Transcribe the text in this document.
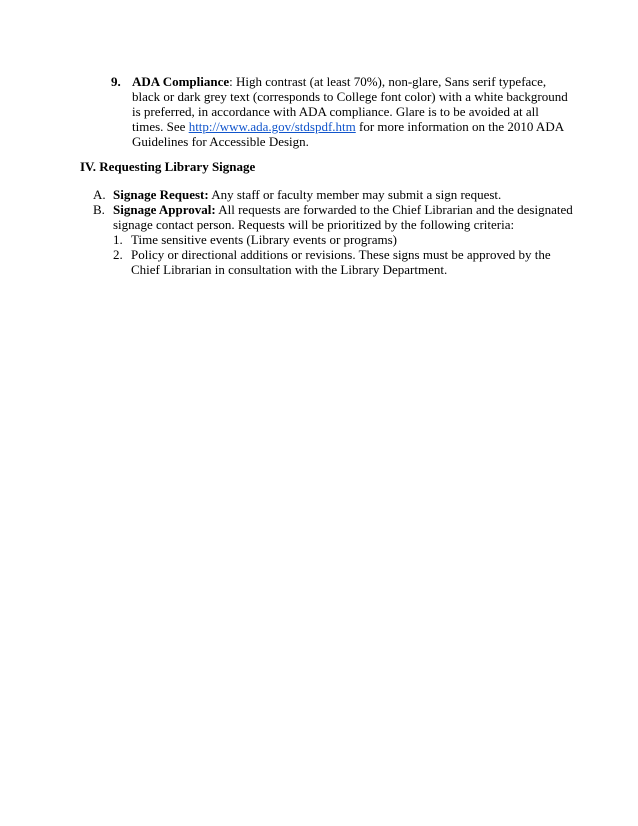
9. ADA Compliance: High contrast (at least 70%), non-glare, Sans serif typeface, black or dark grey text (corresponds to College font color) with a white background is preferred, in accordance with ADA compliance. Glare is to be avoided at all times. See http://www.ada.gov/stdspdf.htm for more information on the 2010 ADA Guidelines for Accessible Design.
IV. Requesting Library Signage
A. Signage Request: Any staff or faculty member may submit a sign request.
B. Signage Approval: All requests are forwarded to the Chief Librarian and the designated signage contact person. Requests will be prioritized by the following criteria:
1. Time sensitive events (Library events or programs)
2. Policy or directional additions or revisions. These signs must be approved by the Chief Librarian in consultation with the Library Department.
